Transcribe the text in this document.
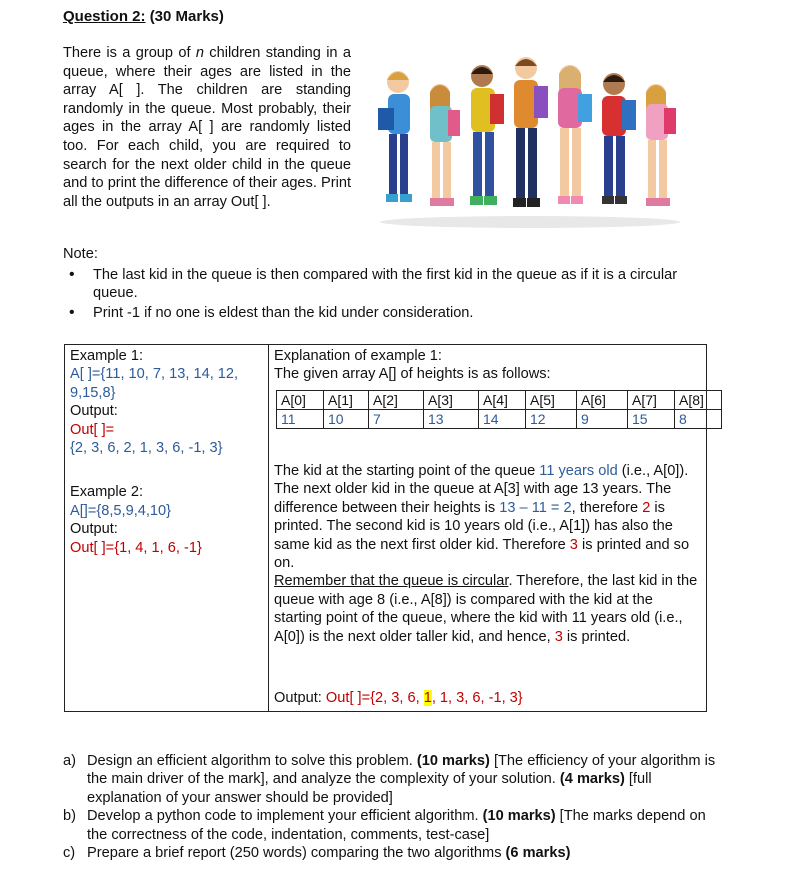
Question 2: (30 Marks)

There is a group of n children standing in a queue, where their ages are listed in the array A[ ]. The children are standing randomly in the queue. Most probably, their ages in the array A[ ] are randomly listed too. For each child, you are required to search for the next older child in the queue and to print the difference of their ages. Print all the outputs in an array Out[ ].

Note:
• The last kid in the queue is then compared with the first kid in the queue as if it is a circular queue.
• Print -1 if no one is eldest than the kid under consideration.
Example 1:
A[ ]={11, 10, 7, 13, 14, 12, 9,15,8}
Output:
Out[ ]=
{2, 3, 6, 2, 1, 3, 6, -1, 3}
Example 2:
A[]={8,5,9,4,10}
Output:
Out[ ]={1, 4, 1, 6, -1}
Explanation of example 1:
The given array A[] of heights is as follows:
A[0]	A[1]	A[2]	A[3]	A[4]	A[5]	A[6]	A[7]	A[8]
11	10	7	13	14	12	9	15	8
The kid at the starting point of the queue 11 years old (i.e., A[0]). The next older kid in the queue at A[3] with age 13 years. The difference between their heights is 13 – 11 = 2, therefore 2 is printed. The second kid is 10 years old (i.e., A[1]) has also the same kid as the next first older kid. Therefore 3 is printed and so on.
Remember that the queue is circular. Therefore, the last kid in the queue with age 8 (i.e., A[8]) is compared with the kid at the starting point of the queue, where the kid with 11 years old (i.e., A[0]) is the next older taller kid, and hence, 3 is printed.
Output: Out[ ]={2, 3, 6, 1, 1, 3, 6, -1, 3}
a) Design an efficient algorithm to solve this problem. (10 marks) [The efficiency of your algorithm is the main driver of the mark], and analyze the complexity of your solution. (4 marks) [full explanation of your answer should be provided]
b) Develop a python code to implement your efficient algorithm. (10 marks) [The marks depend on the correctness of the code, indentation, comments, test-case]
c) Prepare a brief report (250 words) comparing the two algorithms (6 marks)
